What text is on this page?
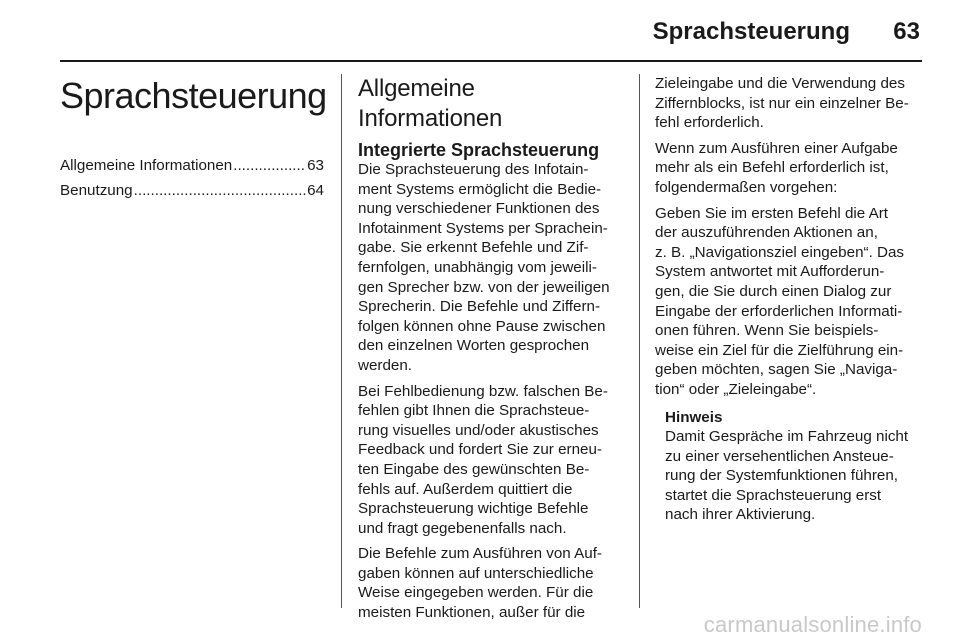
Sprachsteuerung 63
Sprachsteuerung
Allgemeine Informationen .....	63
Benutzung .....	64
Allgemeine Informationen
Integrierte Sprachsteuerung

Die Sprachsteuerung des Infotain-
ment Systems ermöglicht die Bedie-
nung verschiedener Funktionen des
Infotainment Systems per Sprachein-
gabe. Sie erkennt Befehle und Zif-
fernfolgen, unabhängig vom jeweili-
gen Sprecher bzw. von der jeweiligen
Sprecherin. Die Befehle und Ziffern-
folgen können ohne Pause zwischen
den einzelnen Worten gesprochen
werden.

Bei Fehlbedienung bzw. falschen Be-
fehlen gibt Ihnen die Sprachsteue-
rung visuelles und/oder akustisches
Feedback und fordert Sie zur erneu-
ten Eingabe des gewünschten Be-
fehls auf. Außerdem quittiert die
Sprachsteuerung wichtige Befehle
und fragt gegebenenfalls nach.

Die Befehle zum Ausführen von Auf-
gaben können auf unterschiedliche
Weise eingegeben werden. Für die
meisten Funktionen, außer für die

Zieleingabe und die Verwendung des
Ziffernblocks, ist nur ein einzelner Be-
fehl erforderlich.

Wenn zum Ausführen einer Aufgabe
mehr als ein Befehl erforderlich ist,
folgendermaßen vorgehen:

Geben Sie im ersten Befehl die Art
der auszuführenden Aktionen an,
z. B. „Navigationsziel eingeben“. Das
System antwortet mit Aufforderun-
gen, die Sie durch einen Dialog zur
Eingabe der erforderlichen Informati-
onen führen. Wenn Sie beispiels-
weise ein Ziel für die Zielführung ein-
geben möchten, sagen Sie „Naviga-
tion“ oder „Zieleingabe“.

Hinweis
Damit Gespräche im Fahrzeug nicht
zu einer versehentlichen Ansteue-
rung der Systemfunktionen führen,
startet die Sprachsteuerung erst
nach ihrer Aktivierung.
carmanualsonline.info
